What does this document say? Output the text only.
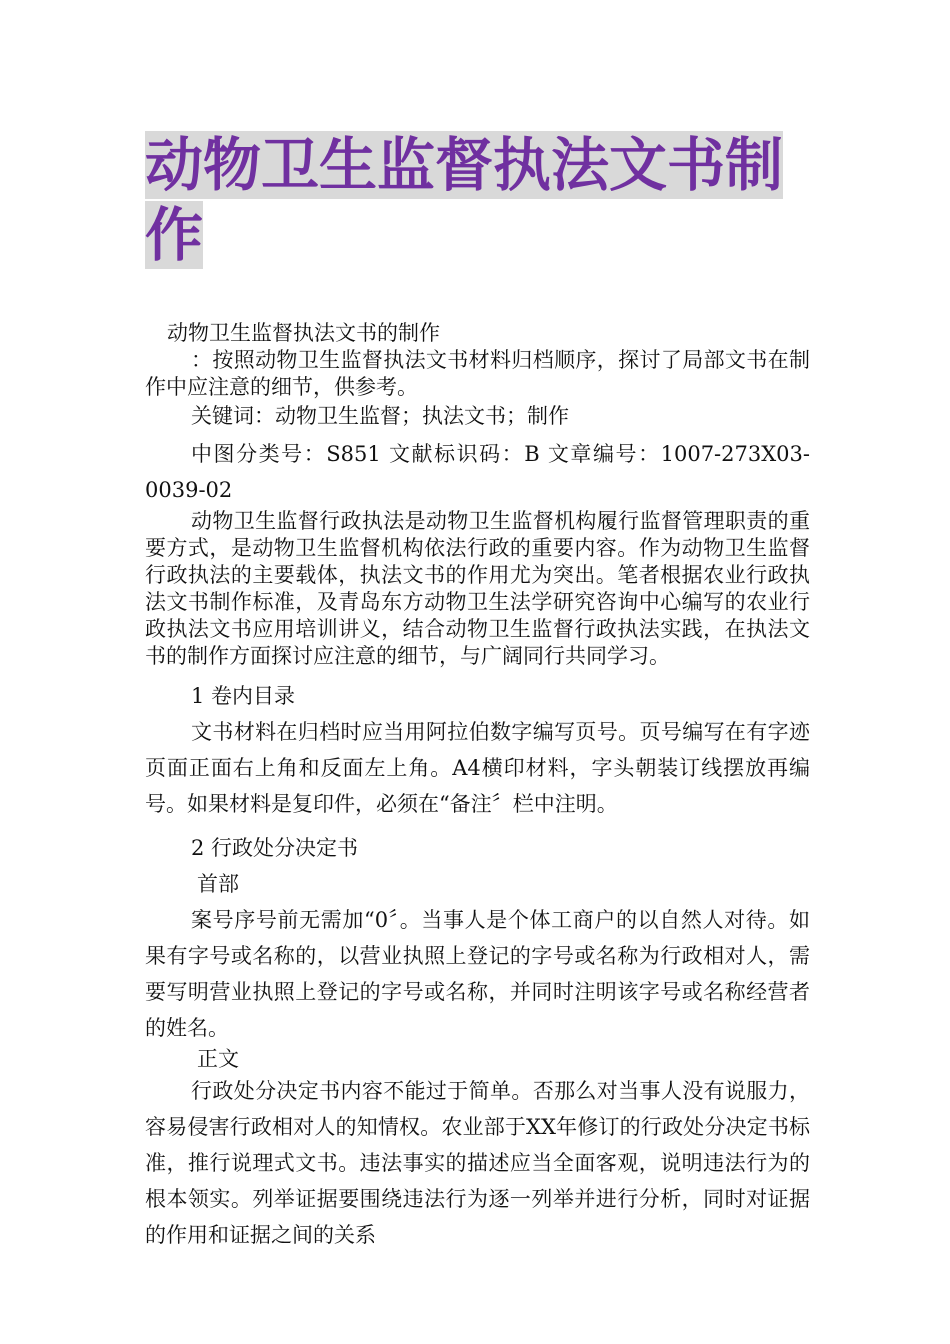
动物卫生监督执法文书制作

动物卫生监督执法文书的制作

：按照动物卫生监督执法文书材料归档顺序，探讨了局部文书在制作中应注意的细节，供参考。

关键词：动物卫生监督；执法文书；制作

中图分类号：S851 文献标识码：B 文章编号：1007-273X03-0039-02

动物卫生监督行政执法是动物卫生监督机构履行监督管理职责的重要方式，是动物卫生监督机构依法行政的重要内容。作为动物卫生监督行政执法的主要载体，执法文书的作用尤为突出。笔者根据农业行政执法文书制作标准，及青岛东方动物卫生法学研究咨询中心编写的农业行政执法文书应用培训讲义，结合动物卫生监督行政执法实践，在执法文书的制作方面探讨应注意的细节，与广阔同行共同学习。

1 卷内目录

文书材料在归档时应当用阿拉伯数字编写页号。页号编写在有字迹页面正面右上角和反面左上角。A4横印材料，字头朝装订线摆放再编号。如果材料是复印件，必须在“备注〞栏中注明。

2 行政处分决定书

首部

案号序号前无需加“0〞。当事人是个体工商户的以自然人对待。如果有字号或名称的，以营业执照上登记的字号或名称为行政相对人，需要写明营业执照上登记的字号或名称，并同时注明该字号或名称经营者的姓名。

正文

行政处分决定书内容不能过于简单。否那么对当事人没有说服力，容易侵害行政相对人的知情权。农业部于XX年修订的行政处分决定书标准，推行说理式文书。违法事实的描述应当全面客观，说明违法行为的根本领实。列举证据要围绕违法行为逐一列举并进行分析，同时对证据的作用和证据之间的关系
